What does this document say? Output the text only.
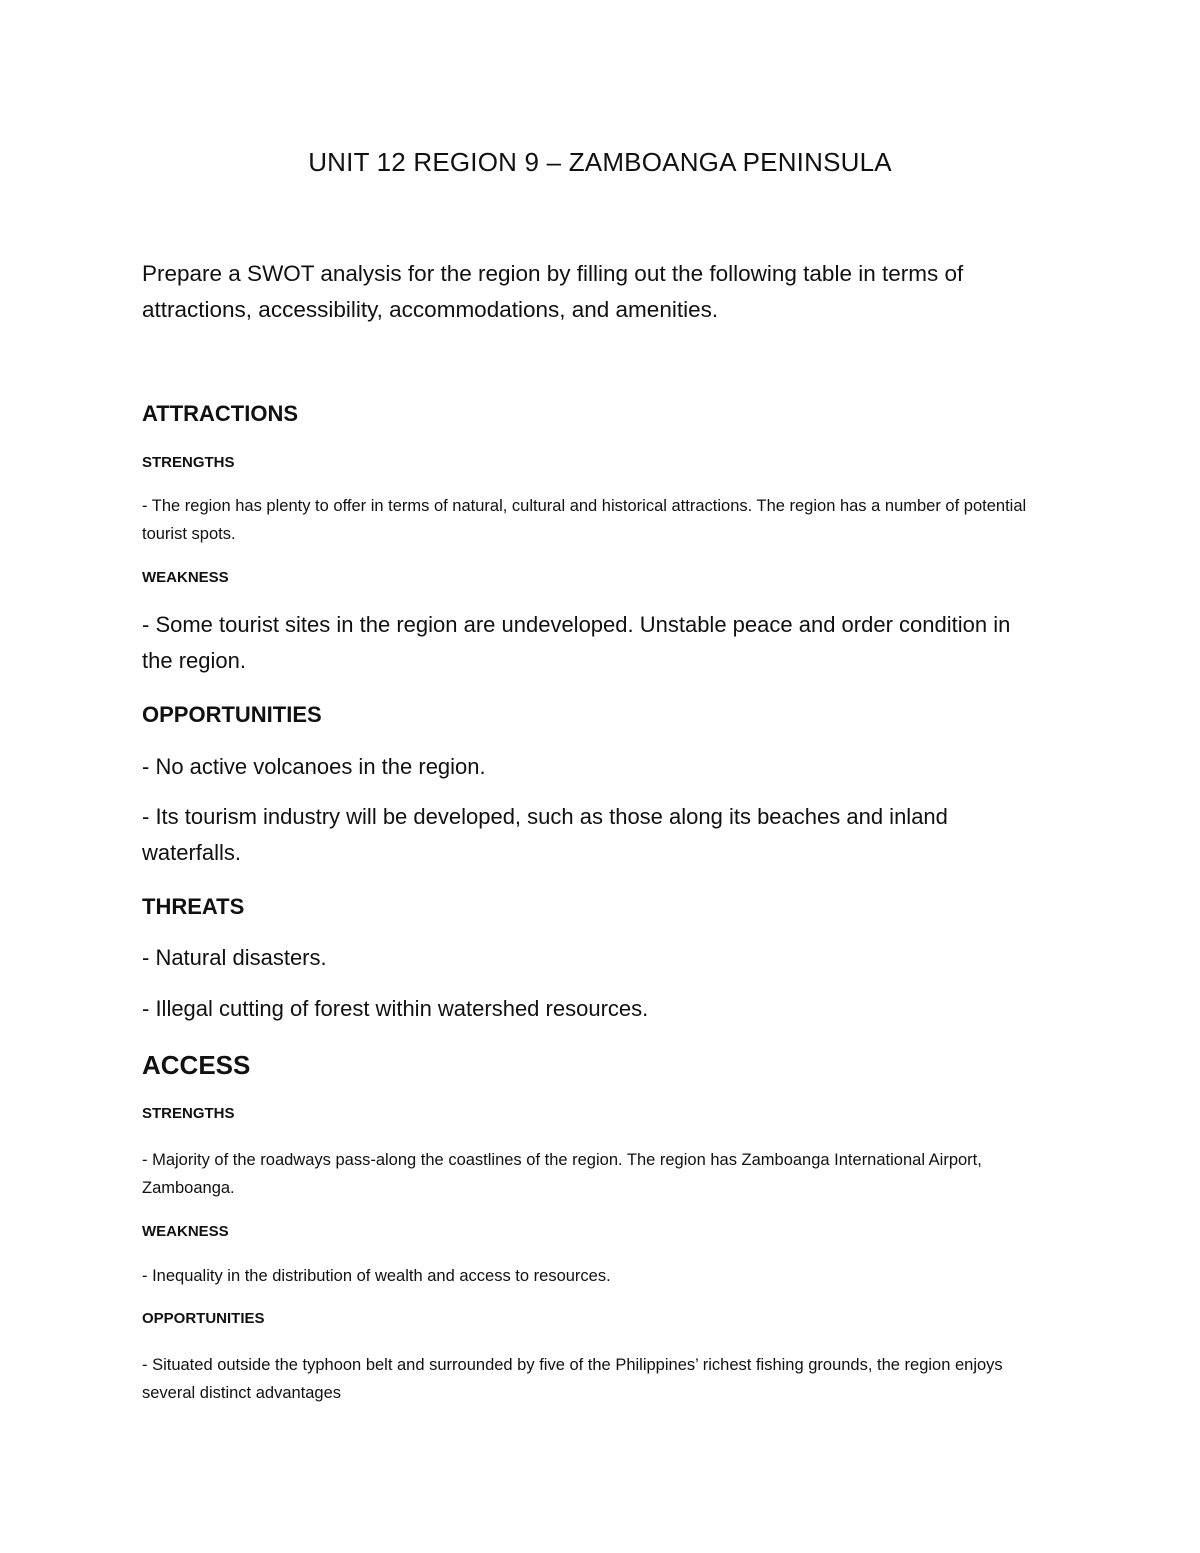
UNIT 12 REGION 9 – ZAMBOANGA PENINSULA

Prepare a SWOT analysis for the region by filling out the following table in terms of attractions, accessibility, accommodations, and amenities.

ATTRACTIONS
STRENGTHS

- The region has plenty to offer in terms of natural, cultural and historical attractions. The region has a number of potential tourist spots.

WEAKNESS

- Some tourist sites in the region are undeveloped. Unstable peace and order condition in the region.

OPPORTUNITIES

- No active volcanoes in the region.

- Its tourism industry will be developed, such as those along its beaches and inland waterfalls.

THREATS

- Natural disasters.

- Illegal cutting of forest within watershed resources.

ACCESS
STRENGTHS

- Majority of the roadways pass-along the coastlines of the region. The region has Zamboanga International Airport, Zamboanga.

WEAKNESS

- Inequality in the distribution of wealth and access to resources.

OPPORTUNITIES

- Situated outside the typhoon belt and surrounded by five of the Philippines’ richest fishing grounds, the region enjoys several distinct advantages
